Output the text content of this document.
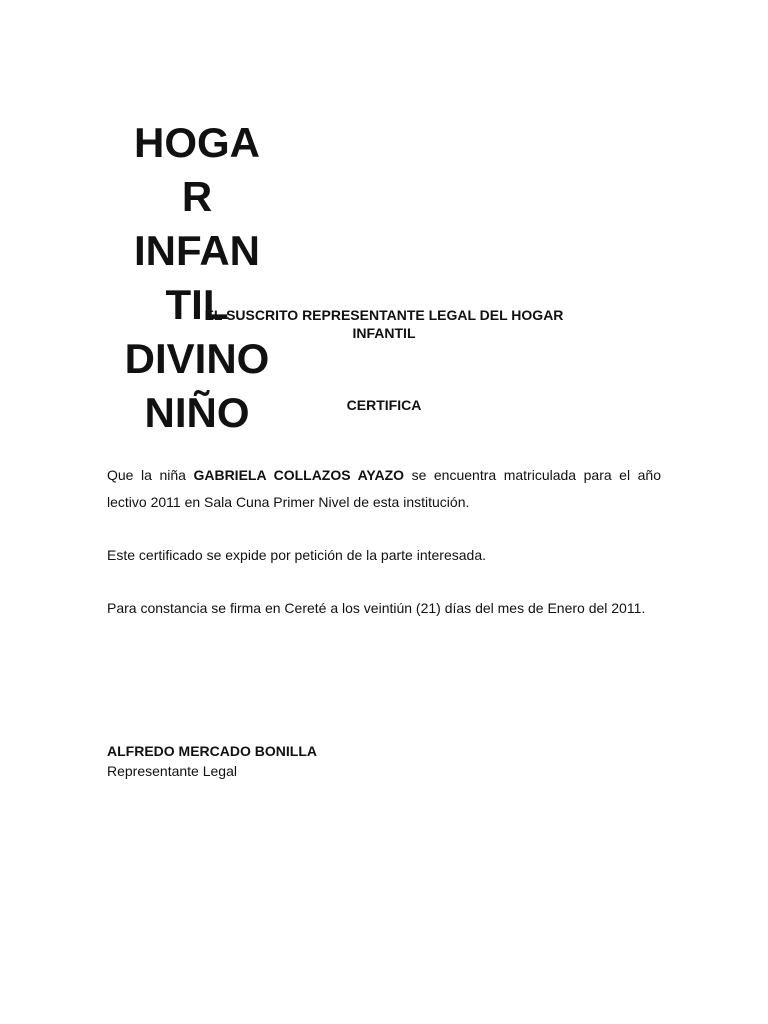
HOGA
R
INFAN
TIL
DIVINO
NIÑO

EL SUSCRITO REPRESENTANTE LEGAL DEL HOGAR

INFANTIL

CERTIFICA

Que la niña GABRIELA COLLAZOS AYAZO se encuentra matriculada para el año lectivo 2011 en Sala Cuna Primer Nivel de esta institución.

Este certificado se expide por petición de la parte interesada.

Para constancia se firma en Cereté a los veintiún (21) días del mes de Enero del 2011.

ALFREDO MERCADO BONILLA

Representante Legal
